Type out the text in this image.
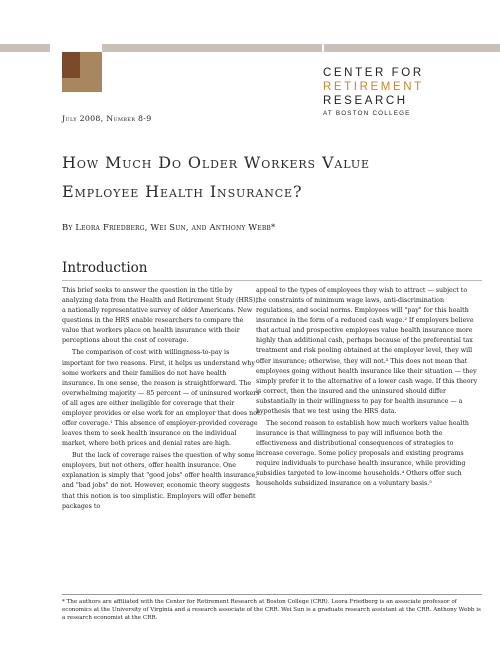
CENTER FOR
RETIREMENT
RESEARCH
AT BOSTON COLLEGE
July 2008, Number 8-9
How Much Do Older Workers Value
Employee Health Insurance?
By Leora Friedberg, Wei Sun, and Anthony Webb*
Introduction

This brief seeks to answer the question in the title by analyzing data from the Health and Retirement Study (HRS), a nationally representative survey of older Americans. New questions in the HRS enable researchers to compare the value that workers place on health insurance with their perceptions about the cost of coverage.

The comparison of cost with willingness-to-pay is important for two reasons. First, it helps us understand why some workers and their families do not have health insurance. In one sense, the reason is straightforward. The overwhelming majority — 85 percent — of uninsured workers of all ages are either ineligible for coverage that their employer provides or else work for an employer that does not offer coverage.¹ This absence of employer-provided coverage leaves them to seek health insurance on the individual market, where both prices and denial rates are high.

But the lack of coverage raises the question of why some employers, but not others, offer health insurance. One explanation is simply that "good jobs" offer health insurance, and "bad jobs" do not. However, economic theory suggests that this notion is too simplistic. Employers will offer benefit packages to

appeal to the types of employees they wish to attract — subject to the constraints of minimum wage laws, anti-discrimination regulations, and social norms. Employees will "pay" for this health insurance in the form of a reduced cash wage.² If employers believe that actual and prospective employees value health insurance more highly than additional cash, perhaps because of the preferential tax treatment and risk pooling obtained at the employer level, they will offer insurance; otherwise, they will not.³ This does not mean that employees going without health insurance like their situation — they simply prefer it to the alternative of a lower cash wage. If this theory is correct, then the insured and the uninsured should differ substantially in their willingness to pay for health insurance — a hypothesis that we test using the HRS data.

The second reason to establish how much workers value health insurance is that willingness to pay will influence both the effectiveness and distributional consequences of strategies to increase coverage. Some policy proposals and existing programs require individuals to purchase health insurance, while providing subsidies targeted to low-income households.⁴ Others offer such households subsidized insurance on a voluntary basis.⁵

* The authors are affiliated with the Center for Retirement Research at Boston College (CRR). Leora Friedberg is an associate professor of economics at the University of Virginia and a research associate of the CRR. Wei Sun is a graduate research assistant at the CRR. Anthony Webb is a research economist at the CRR.
